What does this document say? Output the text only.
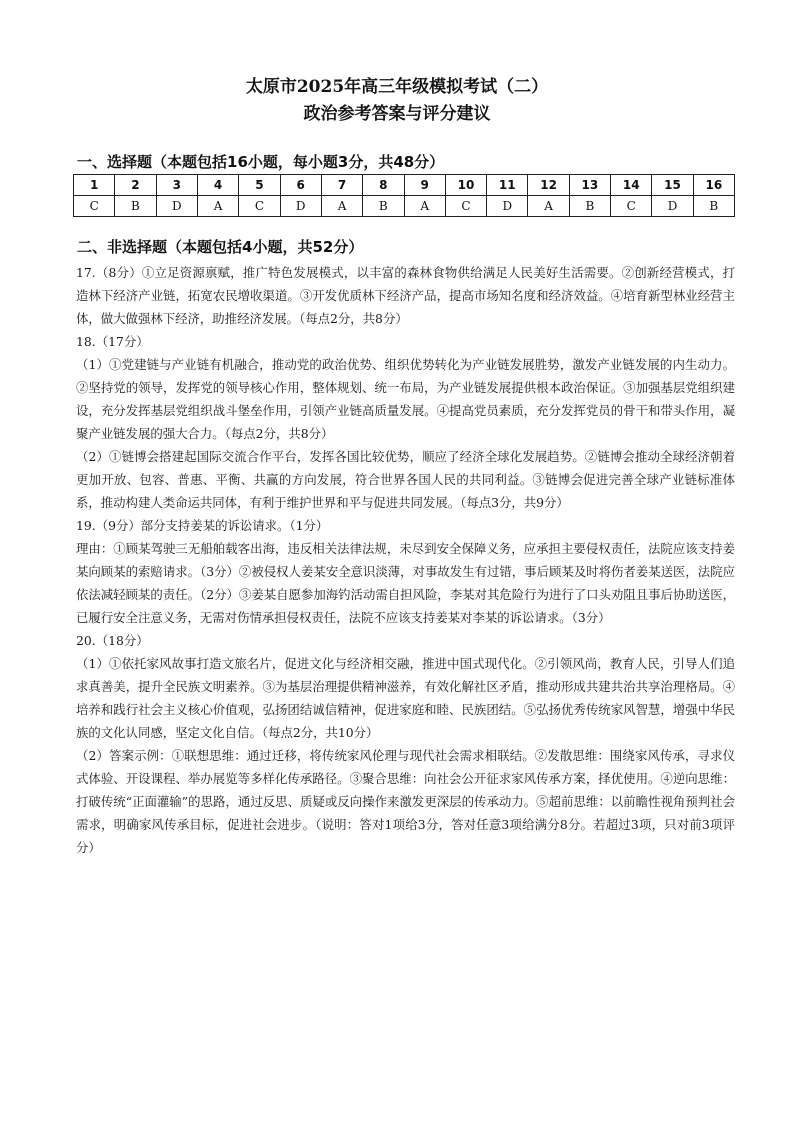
太原市2025年高三年级模拟考试（二）
政治参考答案与评分建议
一、选择题（本题包括16小题，每小题3分，共48分）
1	2	3	4	5	6	7	8	9	10	11	12	13	14	15	16
C	B	D	A	C	D	A	B	A	C	D	A	B	C	D	B
二、非选择题（本题包括4小题，共52分）

17.（8分）①立足资源禀赋，推广特色发展模式，以丰富的森林食物供给满足人民美好生活需要。②创新经营模式，打造林下经济产业链，拓宽农民增收渠道。③开发优质林下经济产品，提高市场知名度和经济效益。④培育新型林业经营主体，做大做强林下经济，助推经济发展。（每点2分，共8分）

18.（17分）

（1）①党建链与产业链有机融合，推动党的政治优势、组织优势转化为产业链发展胜势，激发产业链发展的内生动力。②坚持党的领导，发挥党的领导核心作用，整体规划、统一布局，为产业链发展提供根本政治保证。③加强基层党组织建设，充分发挥基层党组织战斗堡垒作用，引领产业链高质量发展。④提高党员素质，充分发挥党员的骨干和带头作用，凝聚产业链发展的强大合力。（每点2分，共8分）

（2）①链博会搭建起国际交流合作平台，发挥各国比较优势，顺应了经济全球化发展趋势。②链博会推动全球经济朝着更加开放、包容、普惠、平衡、共赢的方向发展，符合世界各国人民的共同利益。③链博会促进完善全球产业链标准体系，推动构建人类命运共同体，有利于维护世界和平与促进共同发展。（每点3分，共9分）

19.（9分）部分支持姜某的诉讼请求。（1分）

理由：①顾某驾驶三无船舶载客出海，违反相关法律法规，未尽到安全保障义务，应承担主要侵权责任，法院应该支持姜某向顾某的索赔请求。（3分）②被侵权人姜某安全意识淡薄，对事故发生有过错，事后顾某及时将伤者姜某送医，法院应依法减轻顾某的责任。（2分）③姜某自愿参加海钓活动需自担风险，李某对其危险行为进行了口头劝阻且事后协助送医，已履行安全注意义务，无需对伤情承担侵权责任，法院不应该支持姜某对李某的诉讼请求。（3分）

20.（18分）

（1）①依托家风故事打造文旅名片，促进文化与经济相交融，推进中国式现代化。②引领风尚，教育人民，引导人们追求真善美，提升全民族文明素养。③为基层治理提供精神滋养，有效化解社区矛盾，推动形成共建共治共享治理格局。④培养和践行社会主义核心价值观，弘扬团结诚信精神，促进家庭和睦、民族团结。⑤弘扬优秀传统家风智慧，增强中华民族的文化认同感，坚定文化自信。（每点2分，共10分）

（2）答案示例：①联想思维：通过迁移，将传统家风伦理与现代社会需求相联结。②发散思维：围绕家风传承，寻求仪式体验、开设课程、举办展览等多样化传承路径。③聚合思维：向社会公开征求家风传承方案，择优使用。④逆向思维：打破传统“正面灌输”的思路，通过反思、质疑或反向操作来激发更深层的传承动力。⑤超前思维：以前瞻性视角预判社会需求，明确家风传承目标，促进社会进步。（说明：答对1项给3分，答对任意3项给满分8分。若超过3项，只对前3项评分）
